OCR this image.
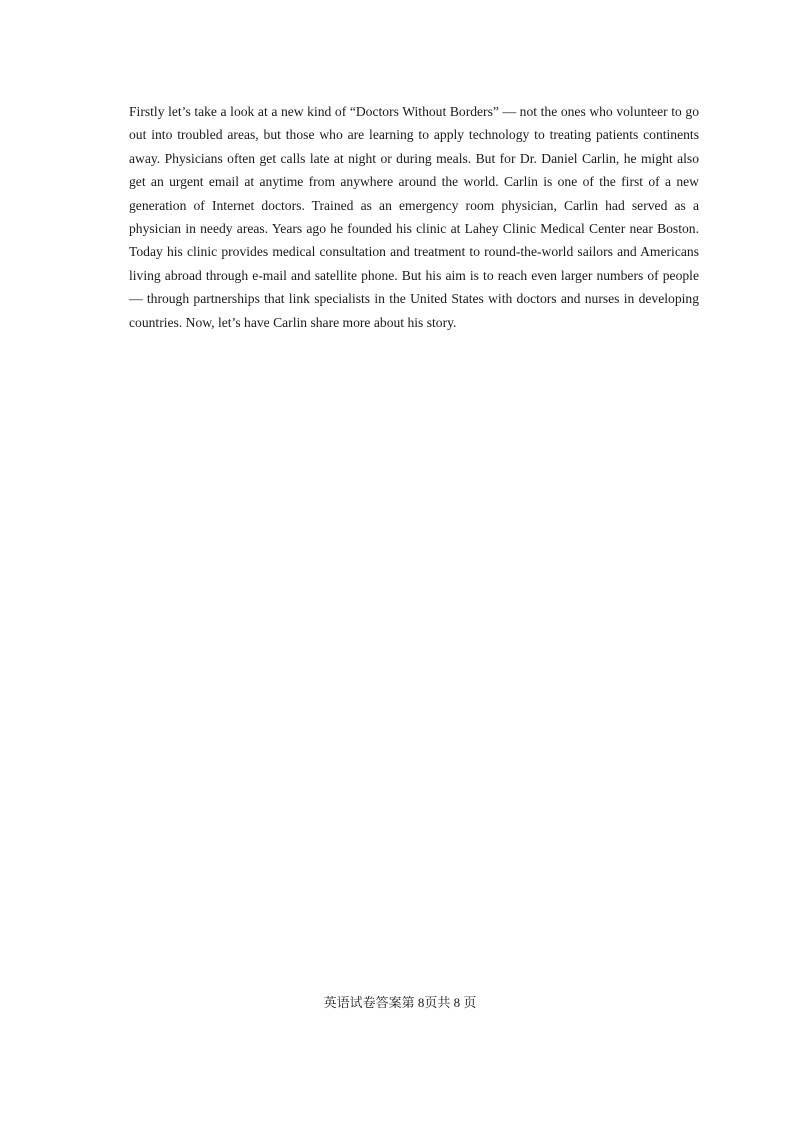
Firstly let’s take a look at a new kind of “Doctors Without Borders” — not the ones who volunteer to go out into troubled areas, but those who are learning to apply technology to treating patients continents away. Physicians often get calls late at night or during meals. But for Dr. Daniel Carlin, he might also get an urgent email at anytime from anywhere around the world. Carlin is one of the first of a new generation of Internet doctors. Trained as an emergency room physician, Carlin had served as a physician in needy areas. Years ago he founded his clinic at Lahey Clinic Medical Center near Boston. Today his clinic provides medical consultation and treatment to round-the-world sailors and Americans living abroad through e-mail and satellite phone. But his aim is to reach even larger numbers of people — through partnerships that link specialists in the United States with doctors and nurses in developing countries. Now, let’s have Carlin share more about his story.

英语试卷答案第 8页共 8 页
